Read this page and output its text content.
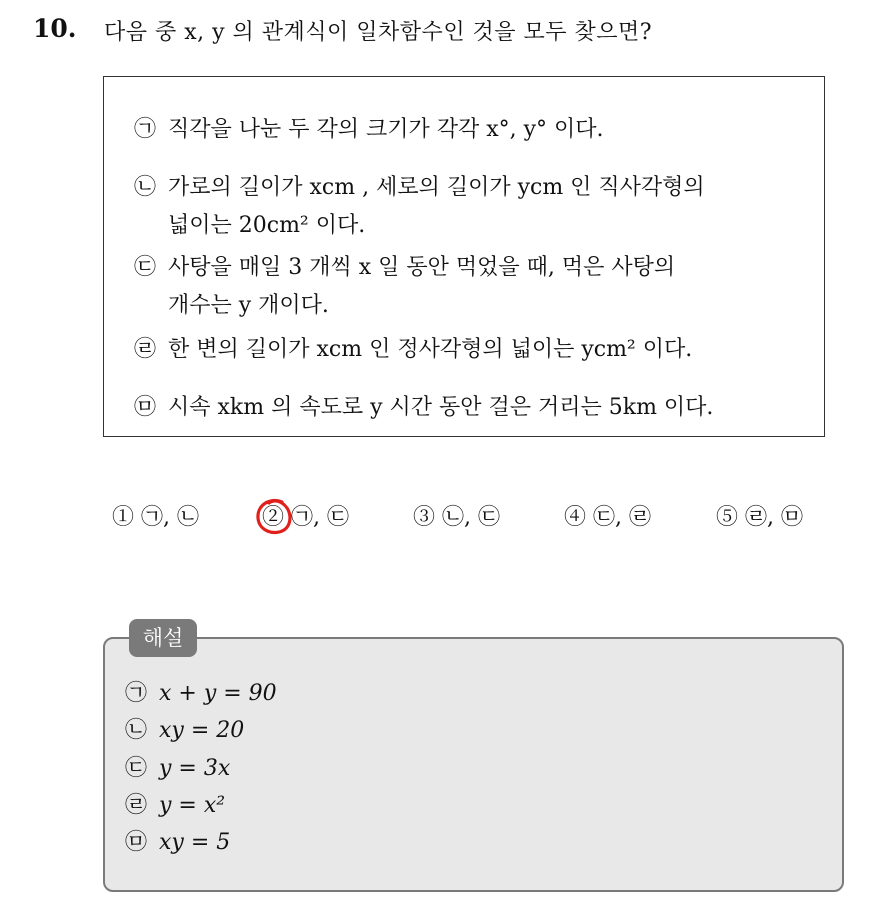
10. 다음 중 x, y 의 관계식이 일차함수인 것을 모두 찾으면?
㉠ 직각을 나눈 두 각의 크기가 각각 x°, y° 이다.
㉡ 가로의 길이가 xcm , 세로의 길이가 ycm 인 직사각형의
넓이는 20cm² 이다.
㉢ 사탕을 매일 3 개씩 x 일 동안 먹었을 때, 먹은 사탕의
개수는 y 개이다.
㉣ 한 변의 길이가 xcm 인 정사각형의 넓이는 ycm² 이다.
㉤ 시속 xkm 의 속도로 y 시간 동안 걸은 거리는 5km 이다.
① ㉠, ㉡	② ㉠, ㉢	③ ㉡, ㉢	④ ㉢, ㉣	⑤ ㉣, ㉤
해설
㉠ x + y = 90
㉡ xy = 20
㉢ y = 3x
㉣ y = x²
㉤ xy = 5
